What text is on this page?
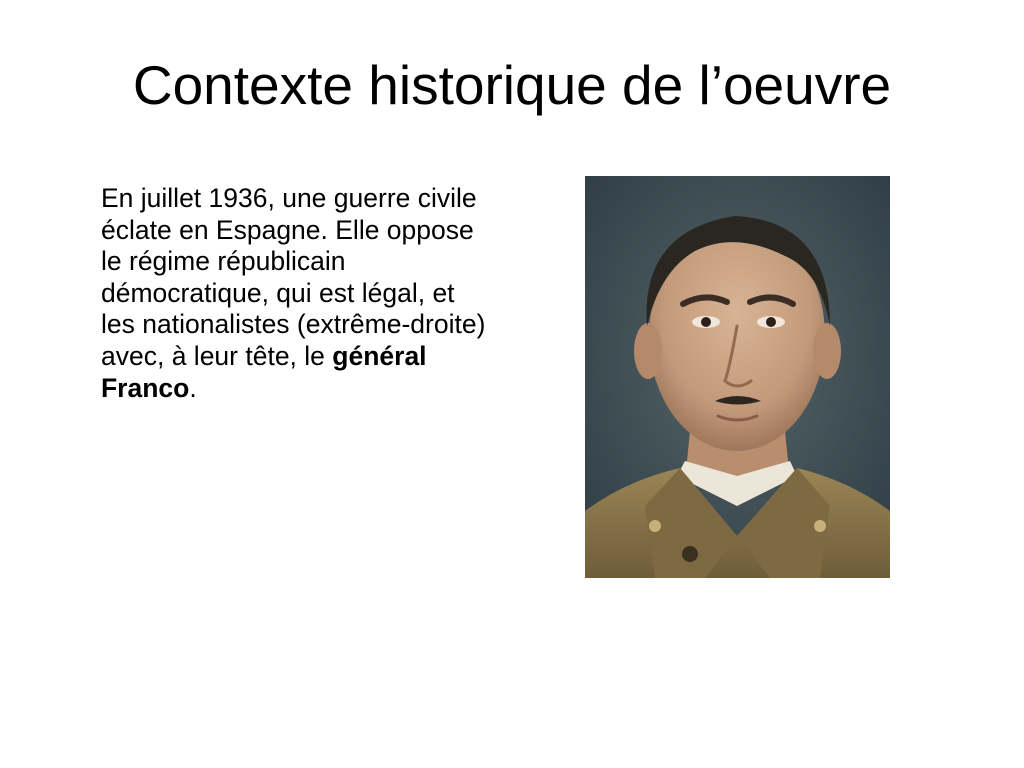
Contexte historique de l’oeuvre

En juillet 1936, une guerre civile éclate en Espagne. Elle oppose le régime républicain démocratique, qui est légal, et les nationalistes (extrême-droite) avec, à leur tête, le général Franco.
